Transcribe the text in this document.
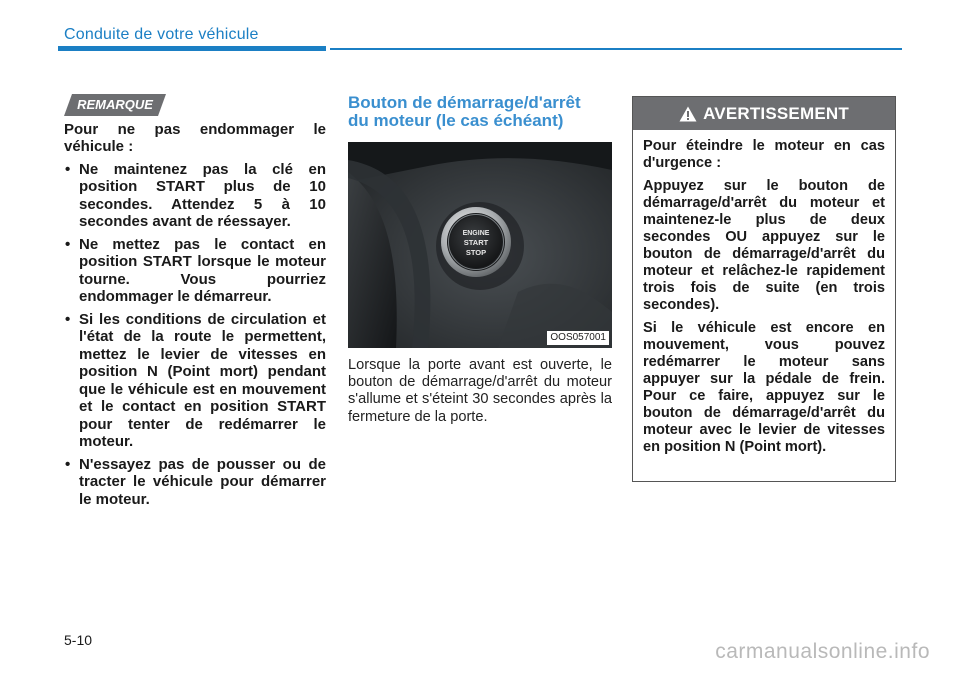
Conduite de votre véhicule
REMARQUE

Pour ne pas endommager le véhicule :

• Ne maintenez pas la clé en position START plus de 10 secondes. Attendez 5 à 10 secondes avant de réessayer.
• Ne mettez pas le contact en position START lorsque le moteur tourne. Vous pourriez endommager le démarreur.
• Si les conditions de circulation et l'état de la route le permettent, mettez le levier de vitesses en position N (Point mort) pendant que le véhicule est en mouvement et le contact en position START pour tenter de redémarrer le moteur.
• N'essayez pas de pousser ou de tracter le véhicule pour démarrer le moteur.
Bouton de démarrage/d'arrêt
du moteur (le cas échéant)
ENGINE
START
STOP
OOS057001
Lorsque la porte avant est ouverte, le bouton de démarrage/d'arrêt du moteur s'allume et s'éteint 30 secondes après la fermeture de la porte.
AVERTISSEMENT

Pour éteindre le moteur en cas d'urgence :

Appuyez sur le bouton de démarrage/d'arrêt du moteur et maintenez-le plus de deux secondes OU appuyez sur le bouton de démarrage/d'arrêt du moteur et relâchez-le rapidement trois fois de suite (en trois secondes).

Si le véhicule est encore en mouvement, vous pouvez redémarrer le moteur sans appuyer sur la pédale de frein. Pour ce faire, appuyez sur le bouton de démarrage/d'arrêt du moteur avec le levier de vitesses en position N (Point mort).

5-10	carmanualsonline.info
